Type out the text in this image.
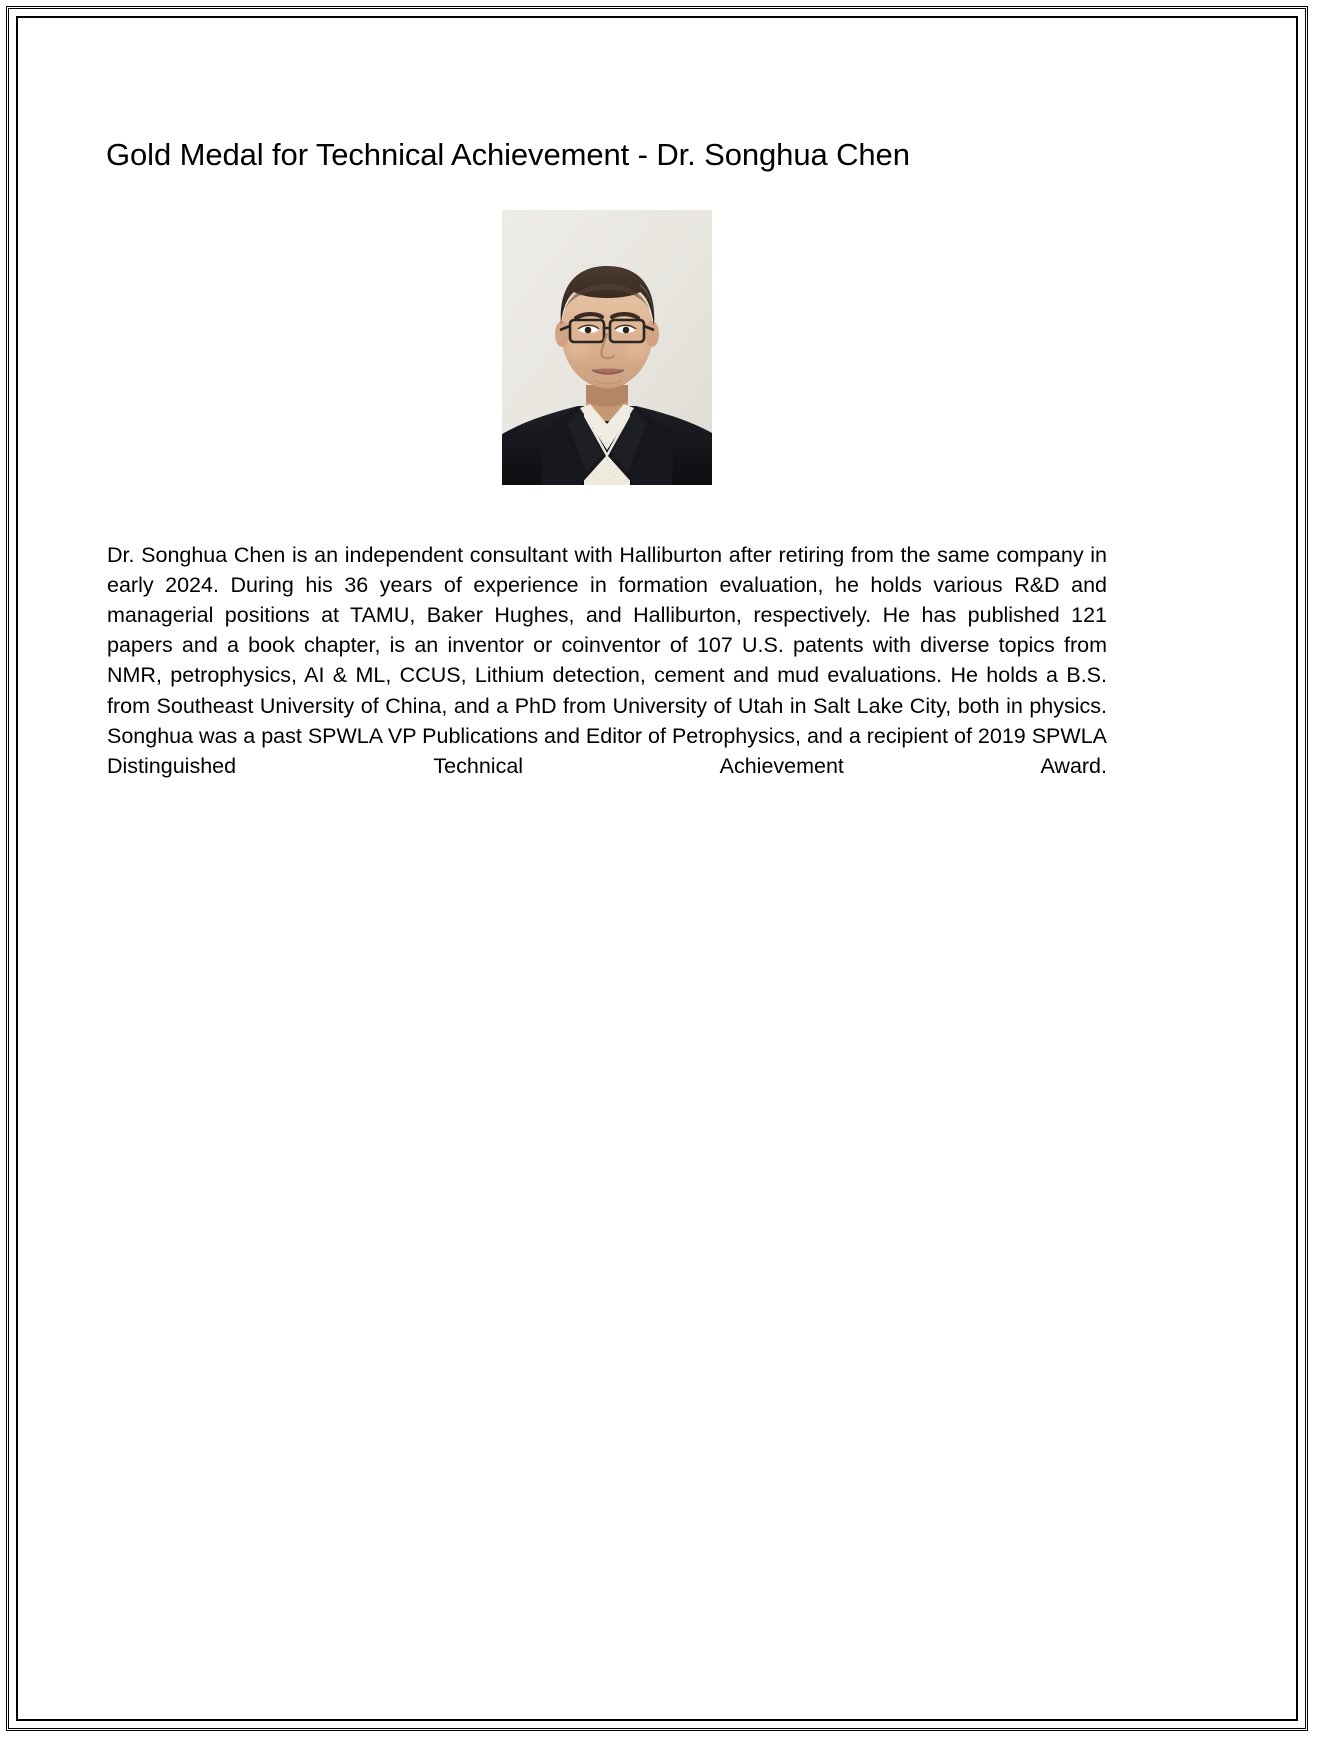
Gold Medal for Technical Achievement - Dr. Songhua Chen

Dr. Songhua Chen is an independent consultant with Halliburton after retiring from the same company in early 2024. During his 36 years of experience in formation evaluation, he holds various R&D and managerial positions at TAMU, Baker Hughes, and Halliburton, respectively. He has published 121 papers and a book chapter, is an inventor or coinventor of 107 U.S. patents with diverse topics from NMR, petrophysics, AI & ML, CCUS, Lithium detection, cement and mud evaluations. He holds a B.S. from Southeast University of China, and a PhD from University of Utah in Salt Lake City, both in physics. Songhua was a past SPWLA VP Publications and Editor of Petrophysics, and a recipient of 2019 SPWLA Distinguished Technical Achievement Award.
